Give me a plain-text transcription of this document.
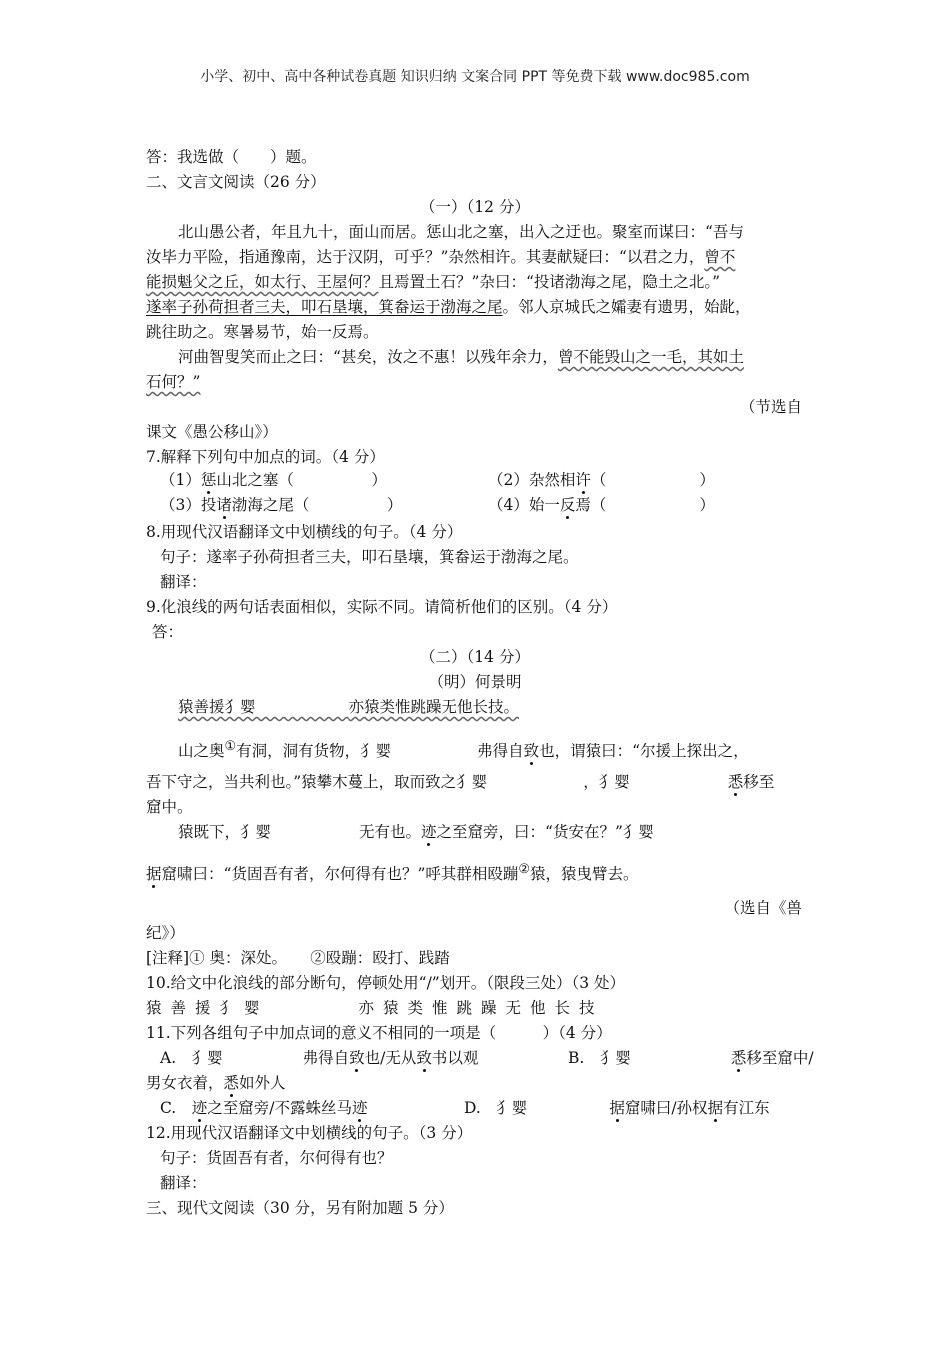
小学、初中、高中各种试卷真题 知识归纳 文案合同 PPT 等免费下载 www.doc985.com
答：我选做（　　）题。
二、文言文阅读（26 分）
（一）（12 分）
北山愚公者，年且九十，面山而居。惩山北之塞，出入之迂也。聚室而谋曰：“吾与
汝毕力平险，指通豫南，达于汉阴，可乎？”杂然相许。其妻献疑曰：“以君之力，曾不
能损魁父之丘，如太行、王屋何？且焉置土石？”杂曰：“投诸渤海之尾，隐土之北。”
遂率子孙荷担者三夫，叩石垦壤，箕畚运于渤海之尾。邻人京城氏之孀妻有遗男，始龀，
跳往助之。寒暑易节，始一反焉。
河曲智叟笑而止之曰：“甚矣，汝之不惠！以残年余力，曾不能毁山之一毛，其如土
石何？”
（节选自
课文《愚公移山》）
7.解释下列句中加点的词。（4 分）
（1）惩山北之塞（　　　　　）	（2）杂然相许（　　　　　　）
（3）投诸渤海之尾（　　　　　）	（4）始一反焉（　　　　　　）
8.用现代汉语翻译文中划横线的句子。（4 分）
句子：遂率子孙荷担者三夫，叩石垦壤，箕畚运于渤海之尾。
翻译：
9.化浪线的两句话表面相似，实际不同。请简析他们的区别。（4 分）
答：
（二）（14 分）
（明）何景明
猿善援犭婴　　　　　　亦猿类惟跳躁无他长技。
山之奥①有洞，洞有货物，犭婴	弗得自致也，谓猿曰：“尔援上探出之，
吾下守之，当共利也。”猿攀木蔓上，取而致之犭婴	，犭婴	悉移至
窟中。
猿既下，犭婴	无有也。迹之至窟旁，曰：“货安在？”犭婴
据窟啸曰：“货固吾有者，尔何得有也？”呼其群相殴蹦②猿，猿曳臂去。
（选自《兽
纪》）
[注释]① 奥：深处。　　②殴蹦：殴打、践踏
10.给文中化浪线的部分断句，停顿处用“/”划开。（限段三处）（3 处）
猿善援犭婴	亦猿类惟跳躁无他长技
11.下列各组句子中加点词的意义不相同的一项是（　　　）（4 分）
A.　犭婴	弗得自致也/无从致书以观	B.　犭婴	悉移至窟中/
男女衣着，悉如外人
C.　迹之至窟旁/不露蛛丝马迹	D.　犭婴	据窟啸曰/孙权据有江东
12.用现代汉语翻译文中划横线的句子。（3 分）
句子：货固吾有者，尔何得有也？
翻译：
三、现代文阅读（30 分，另有附加题 5 分）
